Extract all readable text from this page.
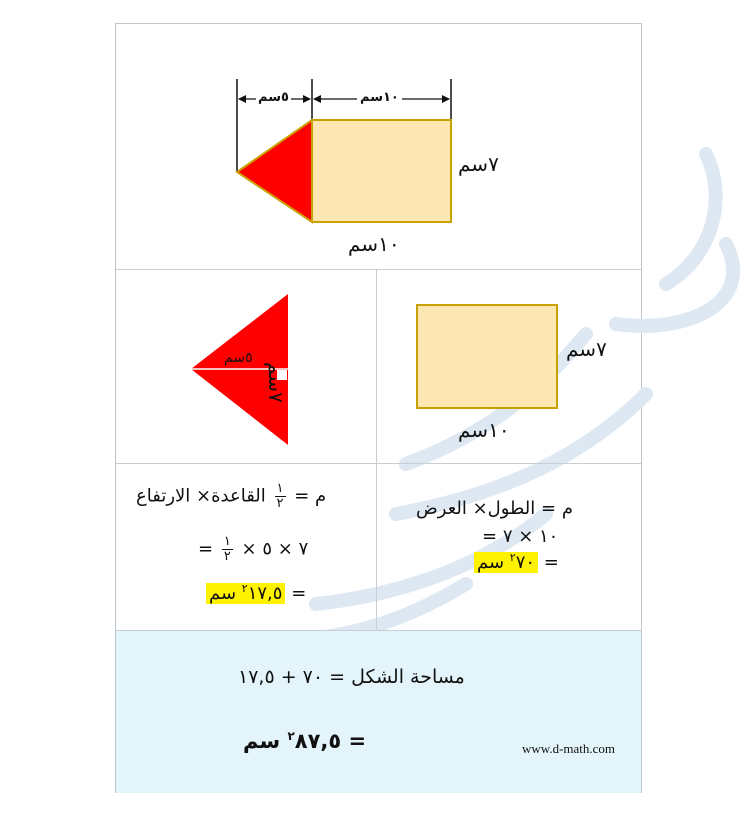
٥سم	١٠سم
٧سم
١٠سم
٥سم
٧سم
٧سم
١٠سم
م = الطول× العرض
= ١٠ × ٧
= $^٢$٧٠ سم
م =
$\frac{١}{٢}$
القاعدة× الارتفاع
= $\frac{١}{٢}$ × ٧ × ٥
= $^٢$١٧,٥ سم
مساحة الشكل = ٧٠ + ١٧,٥
= $^٢$٨٧,٥ سم	www.d-math.com
